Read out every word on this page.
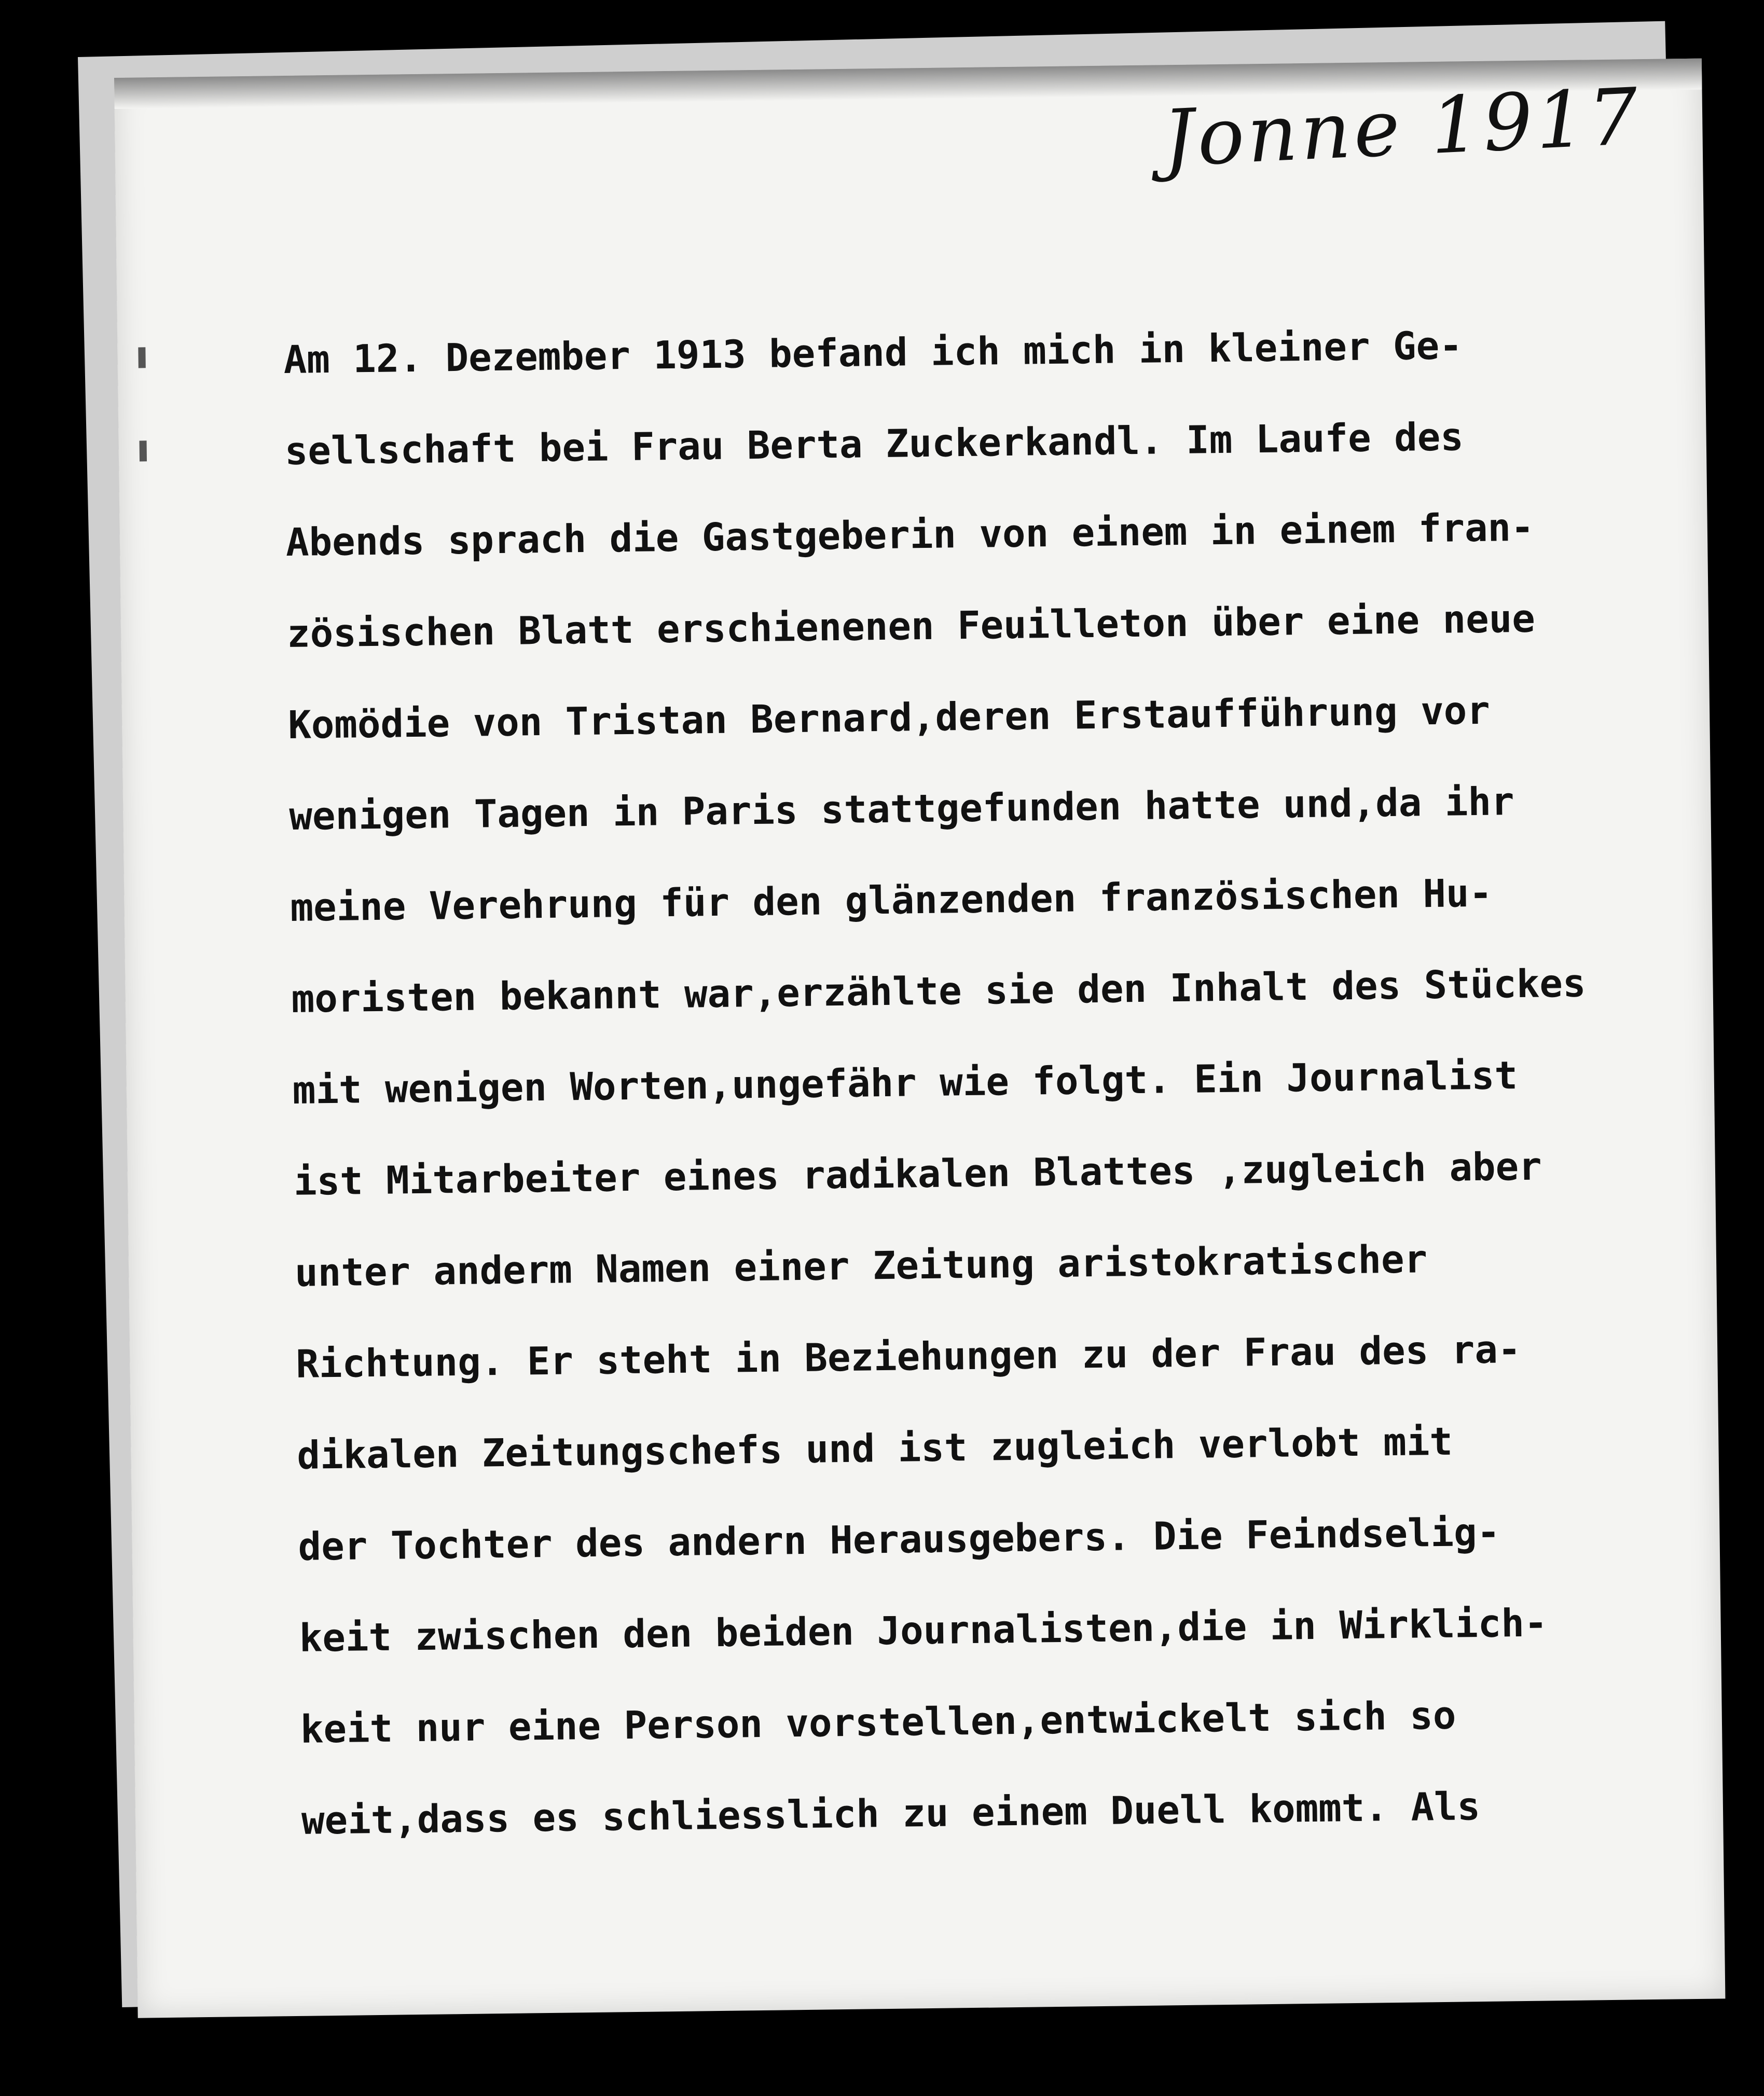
Jonne 1917
Am 12. Dezember 1913 befand ich mich in kleiner Ge-
sellschaft bei Frau Berta Zuckerkandl. Im Laufe des
Abends sprach die Gastgeberin von einem in einem fran-
zösischen Blatt erschienenen Feuilleton über eine neue
Komödie von Tristan Bernard,deren Erstaufführung vor
wenigen Tagen in Paris stattgefunden hatte und,da ihr
meine Verehrung für den glänzenden französischen Hu-
moristen bekannt war,erzählte sie den Inhalt des Stückes
mit wenigen Worten,ungefähr wie folgt. Ein Journalist
ist Mitarbeiter eines radikalen Blattes ,zugleich aber
unter anderm Namen einer Zeitung aristokratischer
Richtung. Er steht in Beziehungen zu der Frau des ra-
dikalen Zeitungschefs und ist zugleich verlobt mit
der Tochter des andern Herausgebers. Die Feindselig-
keit zwischen den beiden Journalisten,die in Wirklich-
keit nur eine Person vorstellen,entwickelt sich so
weit,dass es schliesslich zu einem Duell kommt. Als
